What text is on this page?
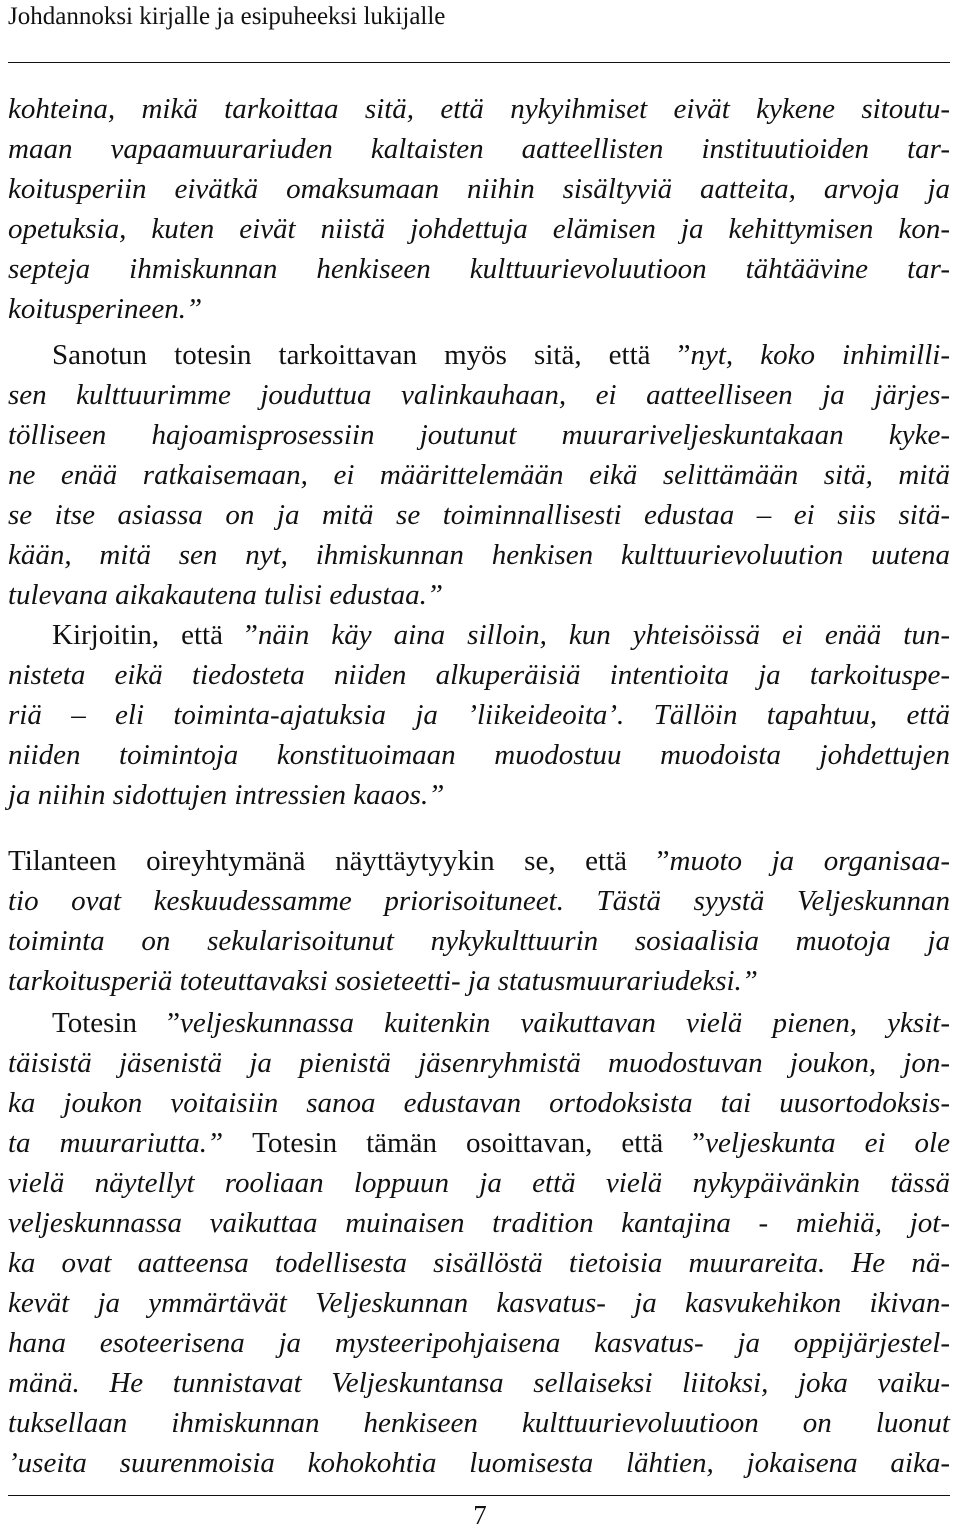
Johdannoksi kirjalle ja esipuheeksi lukijalle
kohteina, mikä tarkoittaa sitä, että nykyihmiset eivät kykene sitoutu-
maan vapaamuurariuden kaltaisten aatteellisten instituutioiden tar-
koitusperiin eivätkä omaksumaan niihin sisältyviä aatteita, arvoja ja
opetuksia, kuten eivät niistä johdettuja elämisen ja kehittymisen kon-
septeja ihmiskunnan henkiseen kulttuurievoluutioon tähtäävine tar-
koitusperineen.”
Sanotun totesin tarkoittavan myös sitä, että ”nyt, koko inhimilli-
sen kulttuurimme jouduttua valinkauhaan, ei aatteelliseen ja järjes-
tölliseen hajoamisprosessiin joutunut muurariveljeskuntakaan kyke-
ne enää ratkaisemaan, ei määrittelemään eikä selittämään sitä, mitä
se itse asiassa on ja mitä se toiminnallisesti edustaa – ei siis sitä-
kään, mitä sen nyt, ihmiskunnan henkisen kulttuurievoluution uutena
tulevana aikakautena tulisi edustaa.”
Kirjoitin, että ”näin käy aina silloin, kun yhteisöissä ei enää tun-
nisteta eikä tiedosteta niiden alkuperäisiä intentioita ja tarkoituspe-
riä – eli toiminta-ajatuksia ja ’liikeideoita’. Tällöin tapahtuu, että
niiden toimintoja konstituoimaan muodostuu muodoista johdettujen
ja niihin sidottujen intressien kaaos.”
Tilanteen oireyhtymänä näyttäytyykin se, että ”muoto ja organisaa-
tio ovat keskuudessamme priorisoituneet. Tästä syystä Veljeskunnan
toiminta on sekularisoitunut nykykulttuurin sosiaalisia muotoja ja
tarkoitusperiä toteuttavaksi sosieteetti- ja statusmuurariudeksi.”
Totesin ”veljeskunnassa kuitenkin vaikuttavan vielä pienen, yksit-
täisistä jäsenistä ja pienistä jäsenryhmistä muodostuvan joukon, jon-
ka joukon voitaisiin sanoa edustavan ortodoksista tai uusortodoksis-
ta muurariutta.” Totesin tämän osoittavan, että ”veljeskunta ei ole
vielä näytellyt rooliaan loppuun ja että vielä nykypäivänkin tässä
veljeskunnassa vaikuttaa muinaisen tradition kantajina - miehiä, jot-
ka ovat aatteensa todellisesta sisällöstä tietoisia muurareita. He nä-
kevät ja ymmärtävät Veljeskunnan kasvatus- ja kasvukehikon ikivan-
hana esoteerisena ja mysteeripohjaisena kasvatus- ja oppijärjestel-
mänä. He tunnistavat Veljeskuntansa sellaiseksi liitoksi, joka vaiku-
tuksellaan ihmiskunnan henkiseen kulttuurievoluutioon on luonut
’useita suurenmoisia kohokohtia luomisesta lähtien, jokaisena aika-
7
